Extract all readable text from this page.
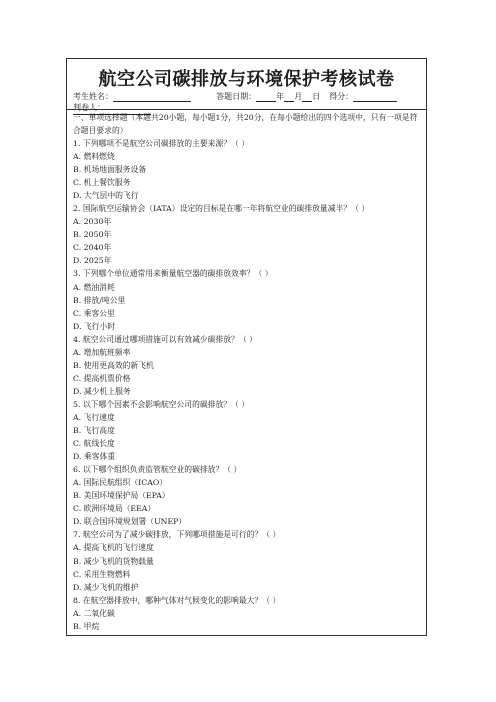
航空公司碳排放与环境保护考核试卷
考生姓名：	答题日期：	年 月 日 得分：  判卷人：

一、单项选择题（本题共20小题，每小题1分，共20分，在每小题给出的四个选项中，只有一项是符合题目要求的）

1. 下列哪项不是航空公司碳排放的主要来源？（ ）

A. 燃料燃烧

B. 机场地面服务设备

C. 机上餐饮服务

D. 大气层中的飞行

2. 国际航空运输协会（IATA）设定的目标是在哪一年将航空业的碳排放量减半？（ ）

A. 2030年

B. 2050年

C. 2040年

D. 2025年

3. 下列哪个单位通常用来衡量航空器的碳排放效率？（ ）

A. 燃油消耗

B. 排放/吨公里

C. 乘客公里

D. 飞行小时

4. 航空公司通过哪项措施可以有效减少碳排放？（ ）

A. 增加航班频率

B. 使用更高效的新飞机

C. 提高机票价格

D. 减少机上服务

5. 以下哪个因素不会影响航空公司的碳排放？（ ）

A. 飞行速度

B. 飞行高度

C. 航线长度

D. 乘客体重

6. 以下哪个组织负责监管航空业的碳排放？（ ）

A. 国际民航组织（ICAO）

B. 美国环境保护局（EPA）

C. 欧洲环境局（EEA）

D. 联合国环境规划署（UNEP）

7. 航空公司为了减少碳排放，下列哪项措施是可行的？（ ）

A. 提高飞机的飞行速度

B. 减少飞机的货物载量

C. 采用生物燃料

D. 减少飞机的维护

8. 在航空器排放中，哪种气体对气候变化的影响最大？（ ）

A. 二氧化碳

B. 甲烷
